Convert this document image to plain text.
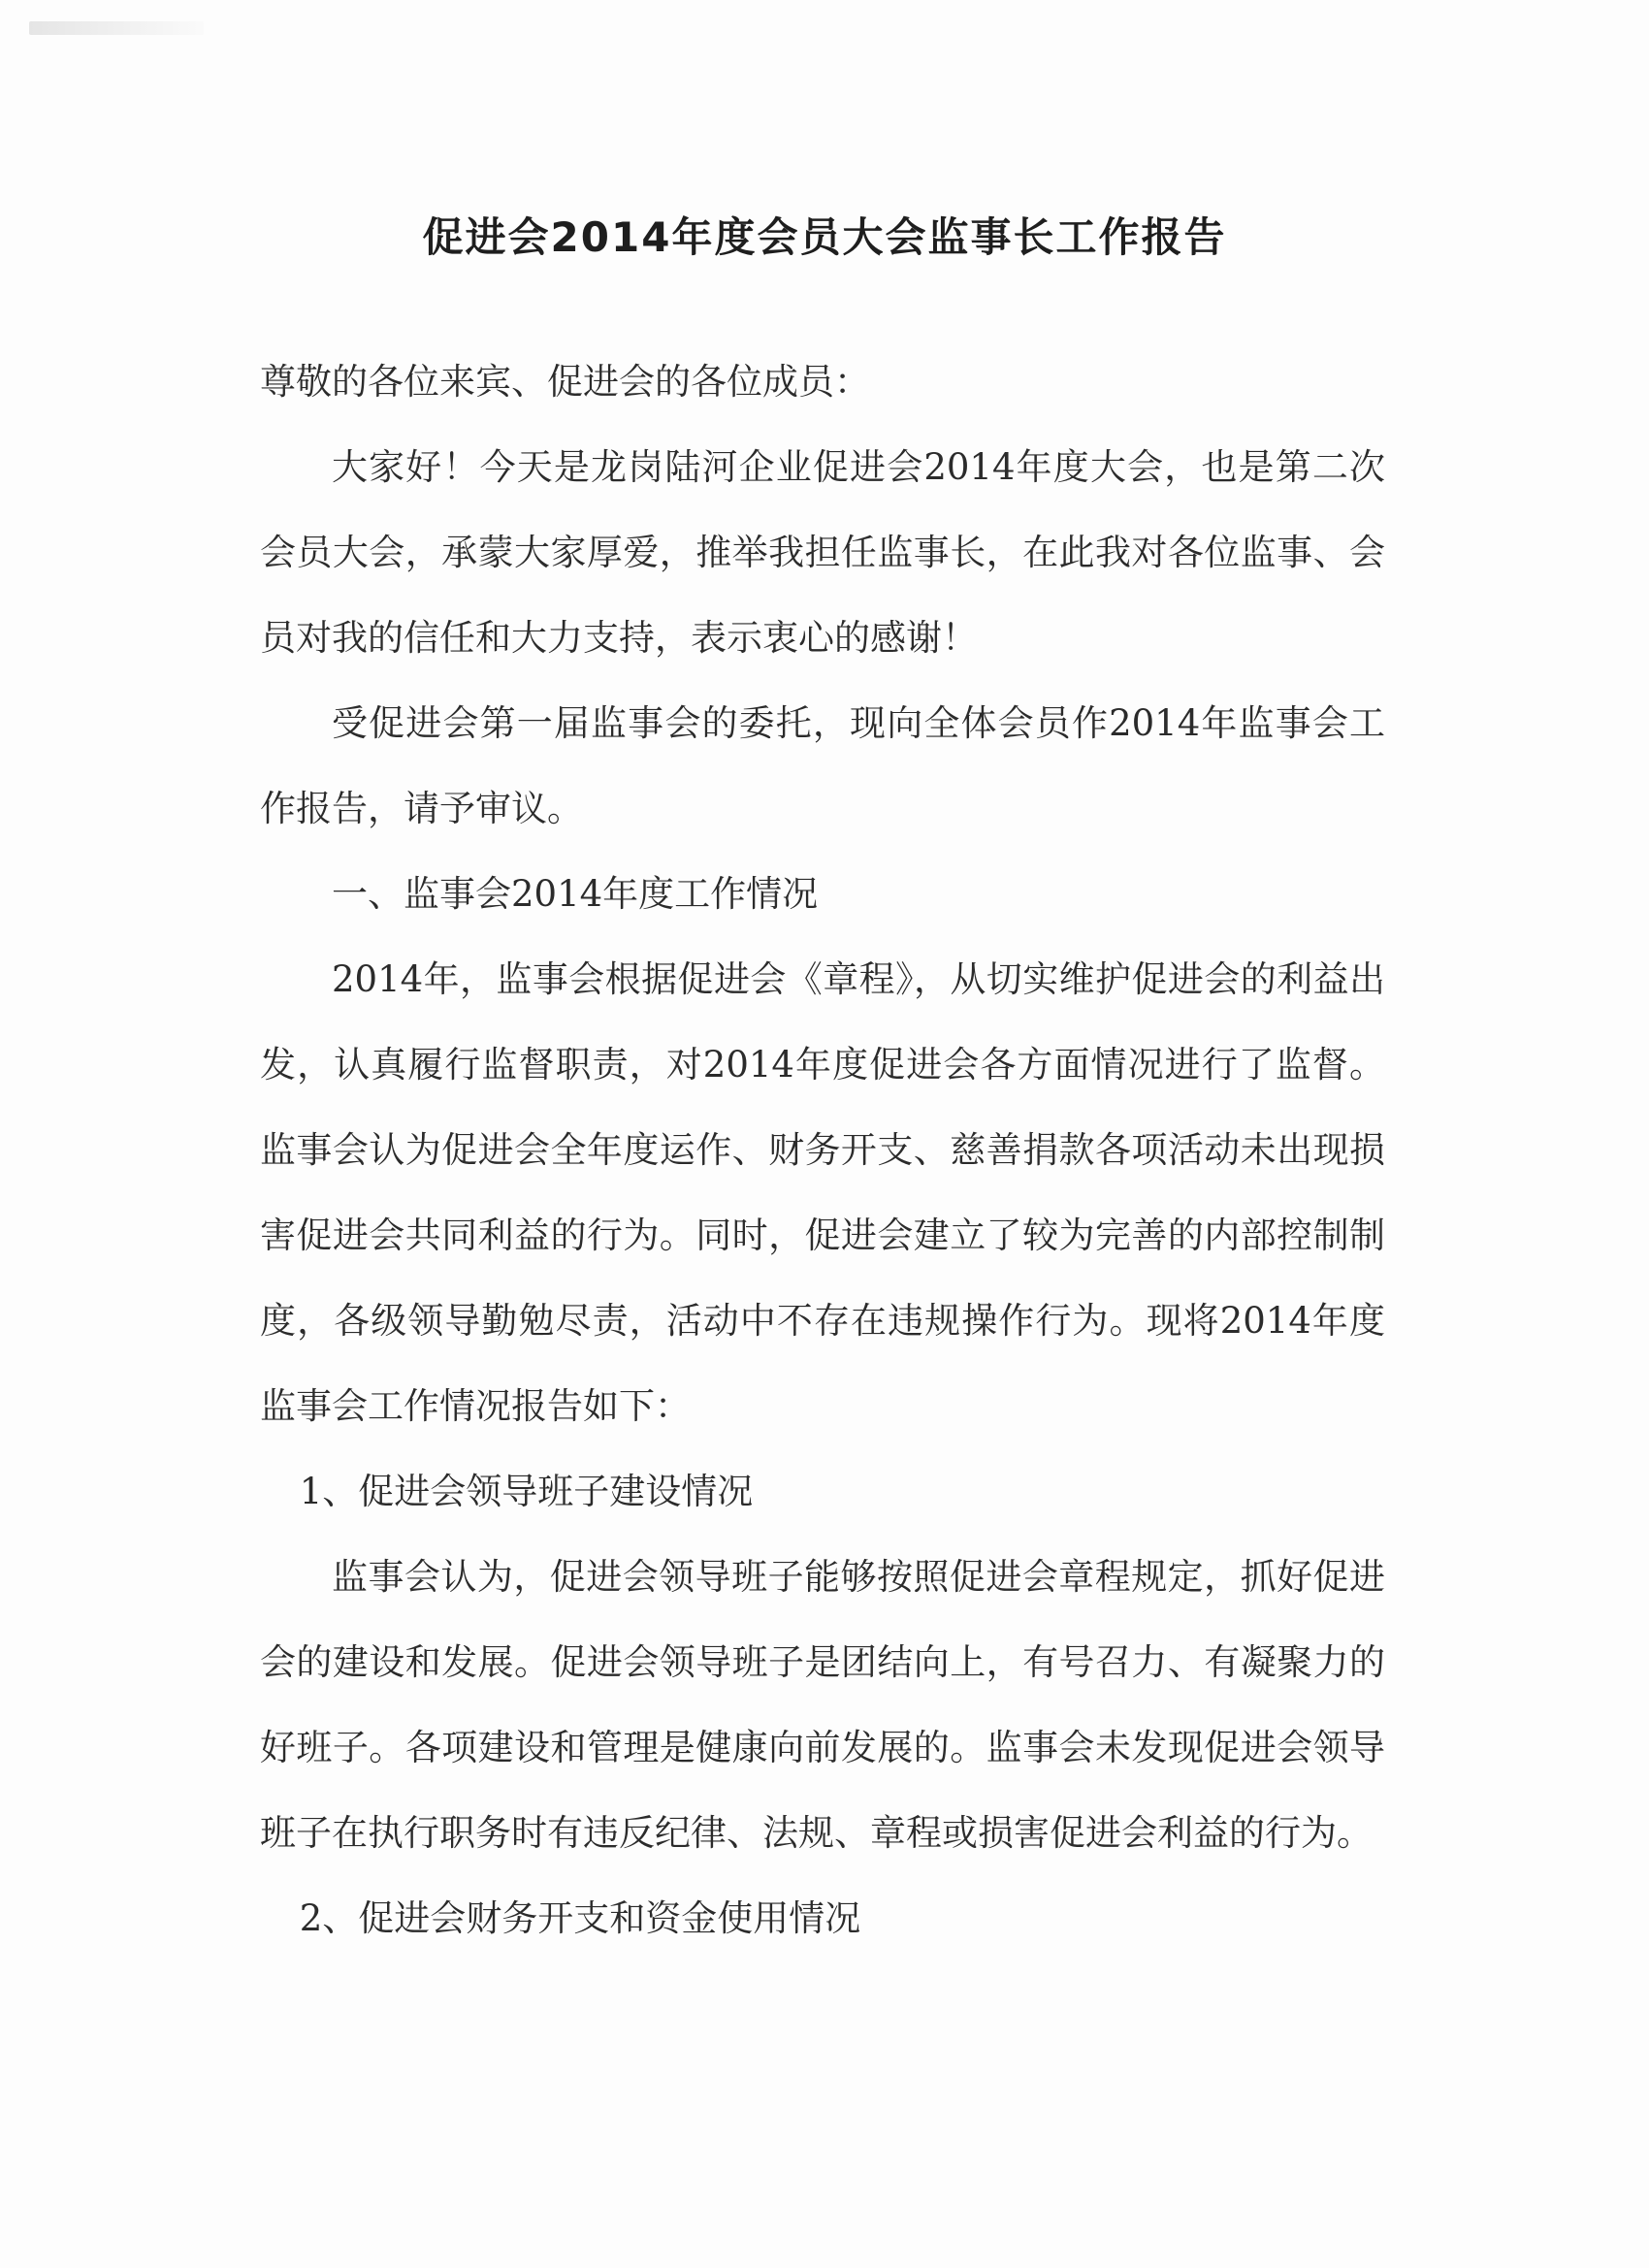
促进会2014年度会员大会监事长工作报告

尊敬的各位来宾、促进会的各位成员：

大家好！今天是龙岗陆河企业促进会2014年度大会，也是第二次会员大会，承蒙大家厚爱，推举我担任监事长，在此我对各位监事、会员对我的信任和大力支持，表示衷心的感谢！

受促进会第一届监事会的委托，现向全体会员作2014年监事会工作报告，请予审议。

一、监事会2014年度工作情况

2014年，监事会根据促进会《章程》，从切实维护促进会的利益出发，认真履行监督职责，对2014年度促进会各方面情况进行了监督。监事会认为促进会全年度运作、财务开支、慈善捐款各项活动未出现损害促进会共同利益的行为。同时，促进会建立了较为完善的内部控制制度，各级领导勤勉尽责，活动中不存在违规操作行为。现将2014年度监事会工作情况报告如下：

1、促进会领导班子建设情况

监事会认为，促进会领导班子能够按照促进会章程规定，抓好促进会的建设和发展。促进会领导班子是团结向上，有号召力、有凝聚力的好班子。各项建设和管理是健康向前发展的。监事会未发现促进会领导班子在执行职务时有违反纪律、法规、章程或损害促进会利益的行为。

2、促进会财务开支和资金使用情况
